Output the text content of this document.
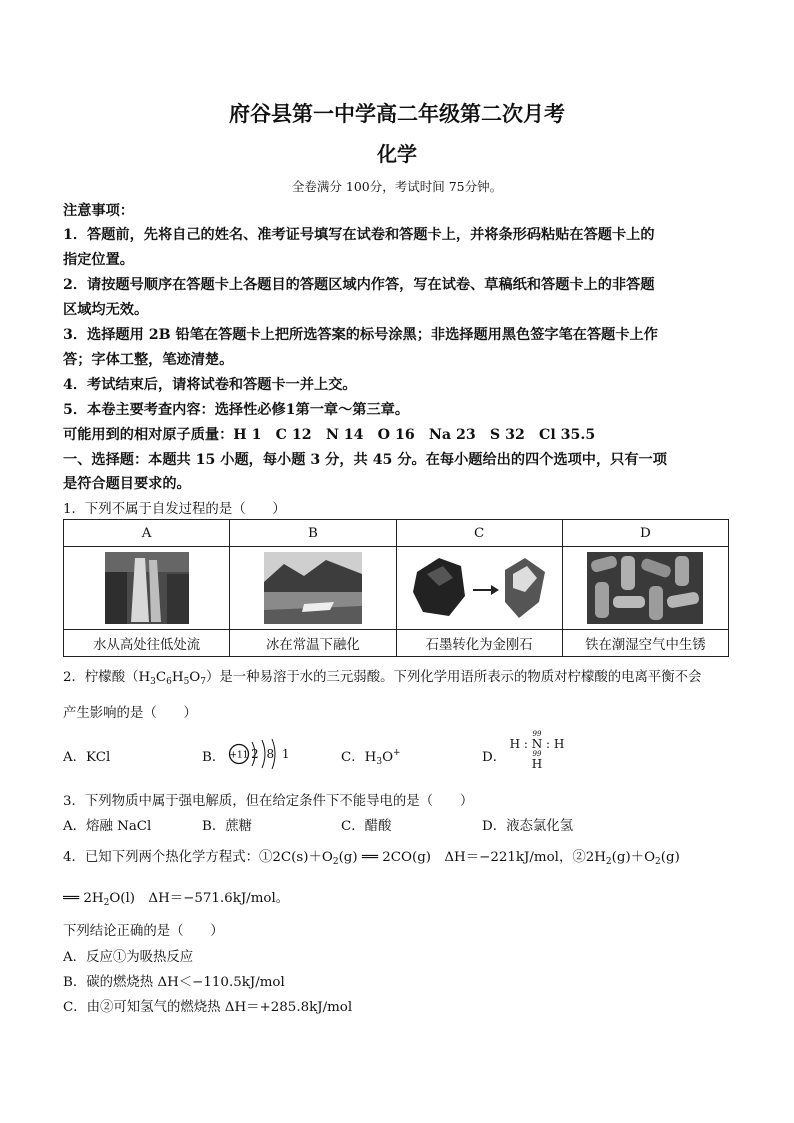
府谷县第一中学高二年级第二次月考
化学
全卷满分 100分，考试时间 75分钟。
注意事项：
1．答题前，先将自己的姓名、准考证号填写在试卷和答题卡上，并将条形码粘贴在答题卡上的
指定位置。
2．请按题号顺序在答题卡上各题目的答题区域内作答，写在试卷、草稿纸和答题卡上的非答题
区域均无效。
3．选择题用 2B 铅笔在答题卡上把所选答案的标号涂黑；非选择题用黑色签字笔在答题卡上作
答；字体工整，笔迹清楚。
4．考试结束后，请将试卷和答题卡一并上交。
5．本卷主要考查内容：选择性必修1第一章～第三章。
可能用到的相对原子质量：H 1　C 12　N 14　O 16　Na 23　S 32　Cl 35.5
一、选择题：本题共 15 小题，每小题 3 分，共 45 分。在每小题给出的四个选项中，只有一项
是符合题目要求的。
1．下列不属于自发过程的是（　　）
A	B	C	D

水从高处往低处流	冰在常温下融化	石墨转化为金刚石	铁在潮湿空气中生锈
2．柠檬酸$(H_3C_6H_5O_7)$是一种易溶于水的三元弱酸。下列化学用语所表示的物质对柠檬酸的电离平衡不会
产生影响的是（　　）
A．KCl	B． +11 2 8 1	C．$H_3O^+$	D．
99
H : N : H
99
H
3．下列物质中属于强电解质，但在给定条件下不能导电的是（　　）
A．熔融 NaCl	B．蔗糖	C．醋酸	D．液态氯化氢
4．已知下列两个热化学方程式：$①2C(s)+O_2(g)$ ══ 2CO(g)　ΔH＝−221kJ/mol，$②2H_2(g)+O_2(g)$
══ $2H_2O(l)$　ΔH＝−571.6kJ/mol。
下列结论正确的是（　　）
A．反应①为吸热反应
B．碳的燃烧热 ΔH＜−110.5kJ/mol
C．由②可知氢气的燃烧热 ΔH＝+285.8kJ/mol
